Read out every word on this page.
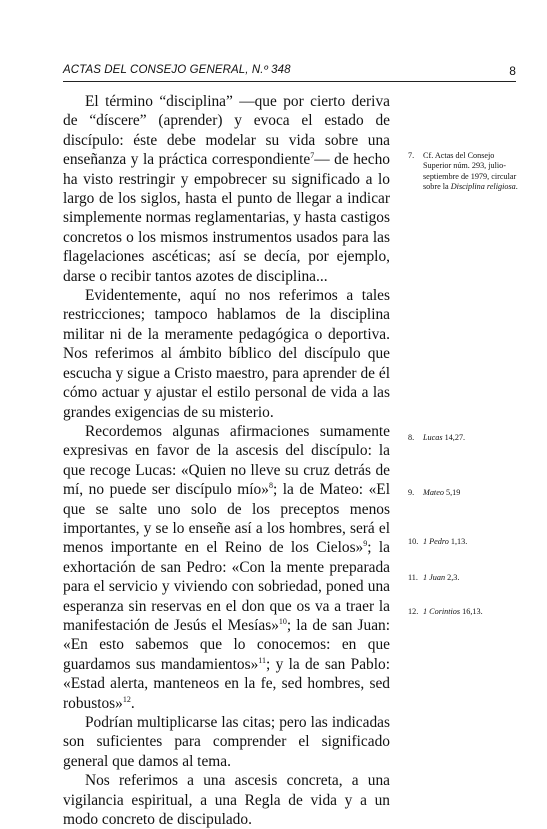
ACTAS DEL CONSEJO GENERAL, N.º 348	8

El término “disciplina” —que por cierto deriva de “díscere” (aprender) y evoca el estado de discípulo: éste debe modelar su vida sobre una enseñanza y la práctica correspondiente$^7$— de hecho ha visto restringir y empobrecer su significado a lo largo de los siglos, hasta el punto de llegar a indicar simplemente normas reglamentarias, y hasta castigos concretos o los mismos instrumentos usados para las flagelaciones ascéticas; así se decía, por ejemplo, darse o recibir tantos azotes de disciplina...

Evidentemente, aquí no nos referimos a tales restricciones; tampoco hablamos de la disciplina militar ni de la meramente pedagógica o deportiva. Nos referimos al ámbito bíblico del discípulo que escucha y sigue a Cristo maestro, para aprender de él cómo actuar y ajustar el estilo personal de vida a las grandes exigencias de su misterio.

Recordemos algunas afirmaciones sumamente expresivas en favor de la ascesis del discípulo: la que recoge Lucas: «Quien no lleve su cruz detrás de mí, no puede ser discípulo mío»$^8$; la de Mateo: «El que se salte uno solo de los preceptos menos importantes, y se lo enseñe así a los hombres, será el menos importante en el Reino de los Cielos»$^9$; la exhortación de san Pedro: «Con la mente preparada para el servicio y viviendo con sobriedad, poned una esperanza sin reservas en el don que os va a traer la manifestación de Jesús el Mesías»$^{10}$; la de san Juan: «En esto sabemos que lo conocemos: en que guardamos sus mandamientos»$^{11}$; y la de san Pablo: «Estad alerta, manteneos en la fe, sed hombres, sed robustos»$^{12}$.

Podrían multiplicarse las citas; pero las indicadas son suficientes para comprender el significado general que damos al tema.

Nos referimos a una ascesis concreta, a una vigilancia espiritual, a una Regla de vida y a un modo concreto de discipulado.

7. Cf. Actas del Consejo Superior núm. 293, julio-septiembre de 1979, circular sobre la Disciplina religiosa.
8. Lucas 14,27.
9. Mateo 5,19
10. 1 Pedro 1,13.
11. 1 Juan 2,3.
12. 1 Corintios 16,13.
